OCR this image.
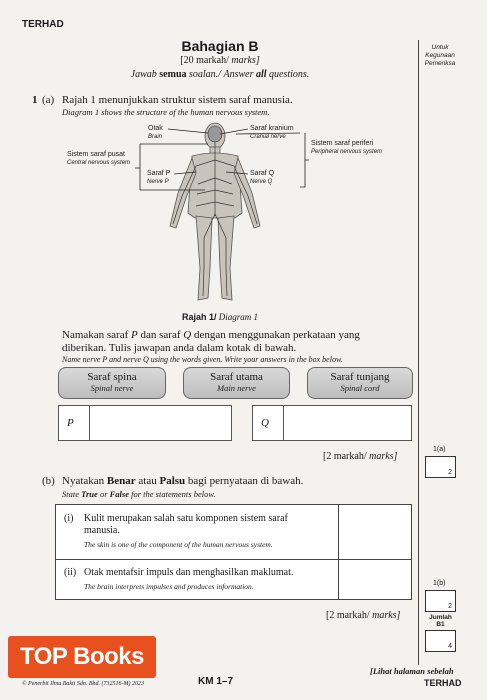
TERHAD
Untuk
Kegunaan
Pemeriksa
Bahagian B
[20 markah/ marks]
Jawab semua soalan./ Answer all questions.
1 (a) Rajah 1 menunjukkan struktur sistem saraf manusia.
Diagram 1 shows the structure of the human nervous system.
Otak
Brain
Saraf kranium
Cranial nerve
Sistem saraf pusat
Central nervous system
Sistem saraf periferi
Peripheral nervous system
Saraf P
Nerve P
Saraf Q
Nerve Q
Rajah 1/ Diagram 1
Namakan saraf P dan saraf Q dengan menggunakan perkataan yang
diberikan. Tulis jawapan anda dalam kotak di bawah.
Name nerve P and nerve Q using the words given. Write your answers in the box below.
Saraf spina
Spinal nerve
Saraf utama
Main nerve
Saraf tunjang
Spinal cord
P	Q
[2 markah/ marks]
1(a)
2
(b) Nyatakan Benar atau Palsu bagi pernyataan di bawah.
State True or False for the statements below.
(i) Kulit merupakan salah satu komponen sistem saraf manusia.
The skin is one of the component of the human nervous system.
(ii) Otak mentafsir impuls dan menghasilkan maklumat.
The brain interprets impulses and produces information.
[2 markah/ marks]
1(b)
2
Jumlah
B1
4
TOP Books
© Penerbit Ilmu Bakti Sdn. Bhd. (732516-M) 2023	KM 1–7
[Lihat halaman sebelah
TERHAD
